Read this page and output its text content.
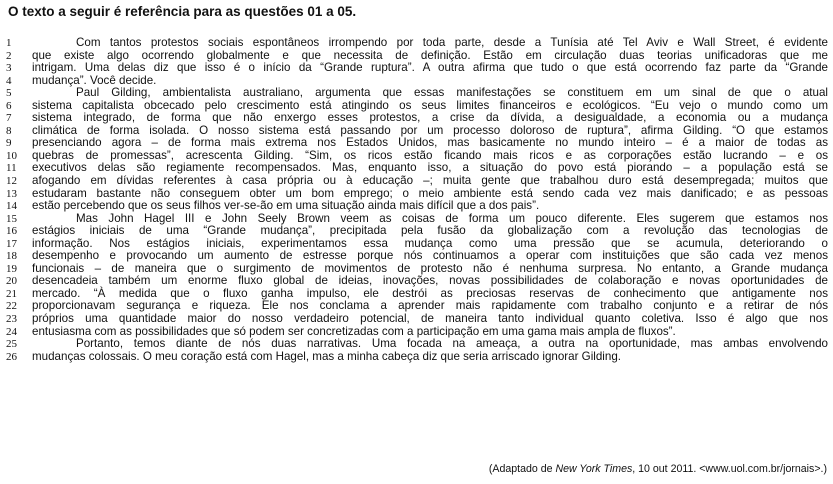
O texto a seguir é referência para as questões 01 a 05.
1	Com tantos protestos sociais espontâneos irrompendo por toda parte, desde a Tunísia até Tel Aviv e Wall Street, é evidente
2	que existe algo ocorrendo globalmente e que necessita de definição. Estão em circulação duas teorias unificadoras que me
3	intrigam. Uma delas diz que isso é o início da “Grande ruptura”. A outra afirma que tudo o que está ocorrendo faz parte da “Grande
4	mudança”. Você decide.
5	Paul Gilding, ambientalista australiano, argumenta que essas manifestações se constituem em um sinal de que o atual
6	sistema capitalista obcecado pelo crescimento está atingindo os seus limites financeiros e ecológicos. “Eu vejo o mundo como um
7	sistema integrado, de forma que não enxergo esses protestos, a crise da dívida, a desigualdade, a economia ou a mudança
8	climática de forma isolada. O nosso sistema está passando por um processo doloroso de ruptura”, afirma Gilding. “O que estamos
9	presenciando agora – de forma mais extrema nos Estados Unidos, mas basicamente no mundo inteiro – é a maior de todas as
10	quebras de promessas”, acrescenta Gilding. “Sim, os ricos estão ficando mais ricos e as corporações estão lucrando – e os
11	executivos delas são regiamente recompensados. Mas, enquanto isso, a situação do povo está piorando – a população está se
12	afogando em dívidas referentes à casa própria ou à educação –; muita gente que trabalhou duro está desempregada; muitos que
13	estudaram bastante não conseguem obter um bom emprego; o meio ambiente está sendo cada vez mais danificado; e as pessoas
14	estão percebendo que os seus filhos ver-se-ão em uma situação ainda mais difícil que a dos pais”.
15	Mas John Hagel III e John Seely Brown veem as coisas de forma um pouco diferente. Eles sugerem que estamos nos
16	estágios iniciais de uma “Grande mudança”, precipitada pela fusão da globalização com a revolução das tecnologias de
17	informação. Nos estágios iniciais, experimentamos essa mudança como uma pressão que se acumula, deteriorando o
18	desempenho e provocando um aumento de estresse porque nós continuamos a operar com instituições que são cada vez menos
19	funcionais – de maneira que o surgimento de movimentos de protesto não é nenhuma surpresa. No entanto, a Grande mudança
20	desencadeia também um enorme fluxo global de ideias, inovações, novas possibilidades de colaboração e novas oportunidades de
21	mercado. “À medida que o fluxo ganha impulso, ele destrói as preciosas reservas de conhecimento que antigamente nos
22	proporcionavam segurança e riqueza. Ele nos conclama a aprender mais rapidamente com trabalho conjunto e a retirar de nós
23	próprios uma quantidade maior do nosso verdadeiro potencial, de maneira tanto individual quanto coletiva. Isso é algo que nos
24	entusiasma com as possibilidades que só podem ser concretizadas com a participação em uma gama mais ampla de fluxos”.
25	Portanto, temos diante de nós duas narrativas. Uma focada na ameaça, a outra na oportunidade, mas ambas envolvendo
26	mudanças colossais. O meu coração está com Hagel, mas a minha cabeça diz que seria arriscado ignorar Gilding.
(Adaptado de New York Times, 10 out 2011. <www.uol.com.br/jornais>.)
